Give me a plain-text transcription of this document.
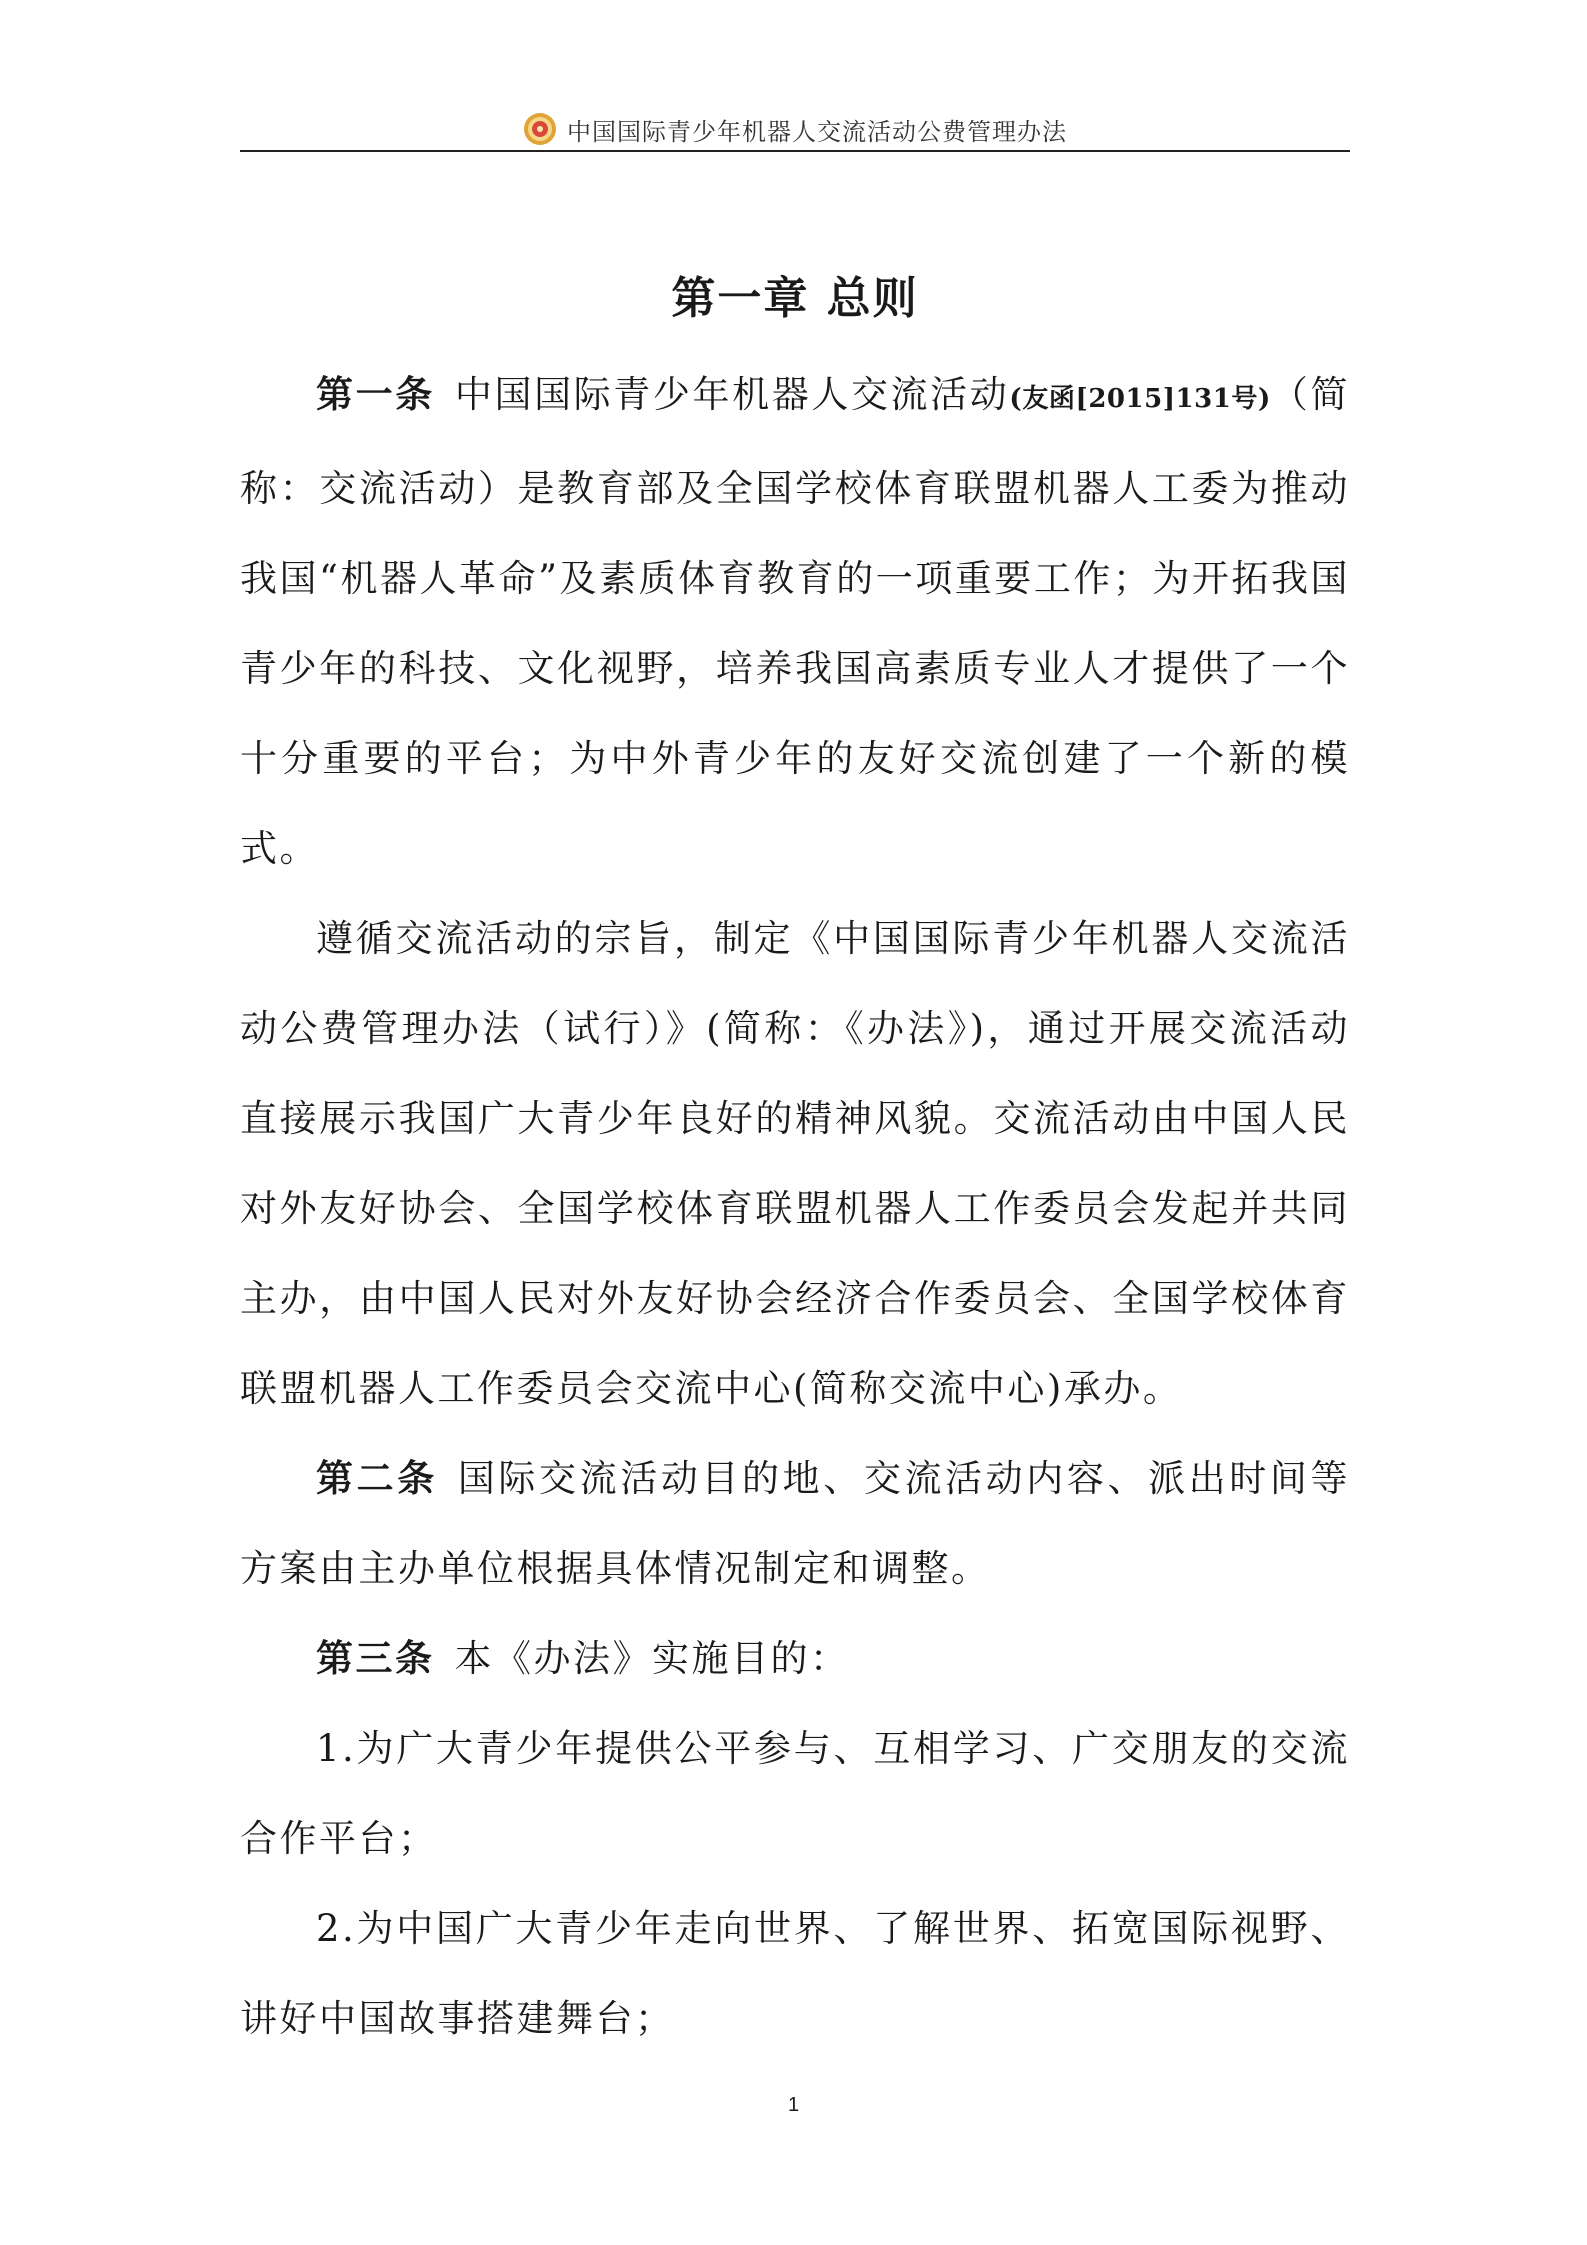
中国国际青少年机器人交流活动公费管理办法
第一章 总则

第一条 中国国际青少年机器人交流活动(友函[2015]131号)（简称：交流活动）是教育部及全国学校体育联盟机器人工委为推动我国“机器人革命”及素质体育教育的一项重要工作；为开拓我国青少年的科技、文化视野，培养我国高素质专业人才提供了一个十分重要的平台；为中外青少年的友好交流创建了一个新的模式。

遵循交流活动的宗旨，制定《中国国际青少年机器人交流活动公费管理办法（试行）》(简称：《办法》)，通过开展交流活动直接展示我国广大青少年良好的精神风貌。交流活动由中国人民对外友好协会、全国学校体育联盟机器人工作委员会发起并共同主办，由中国人民对外友好协会经济合作委员会、全国学校体育联盟机器人工作委员会交流中心(简称交流中心)承办。

第二条 国际交流活动目的地、交流活动内容、派出时间等方案由主办单位根据具体情况制定和调整。

第三条 本《办法》实施目的：

1.为广大青少年提供公平参与、互相学习、广交朋友的交流合作平台；

2.为中国广大青少年走向世界、了解世界、拓宽国际视野、讲好中国故事搭建舞台；

1
